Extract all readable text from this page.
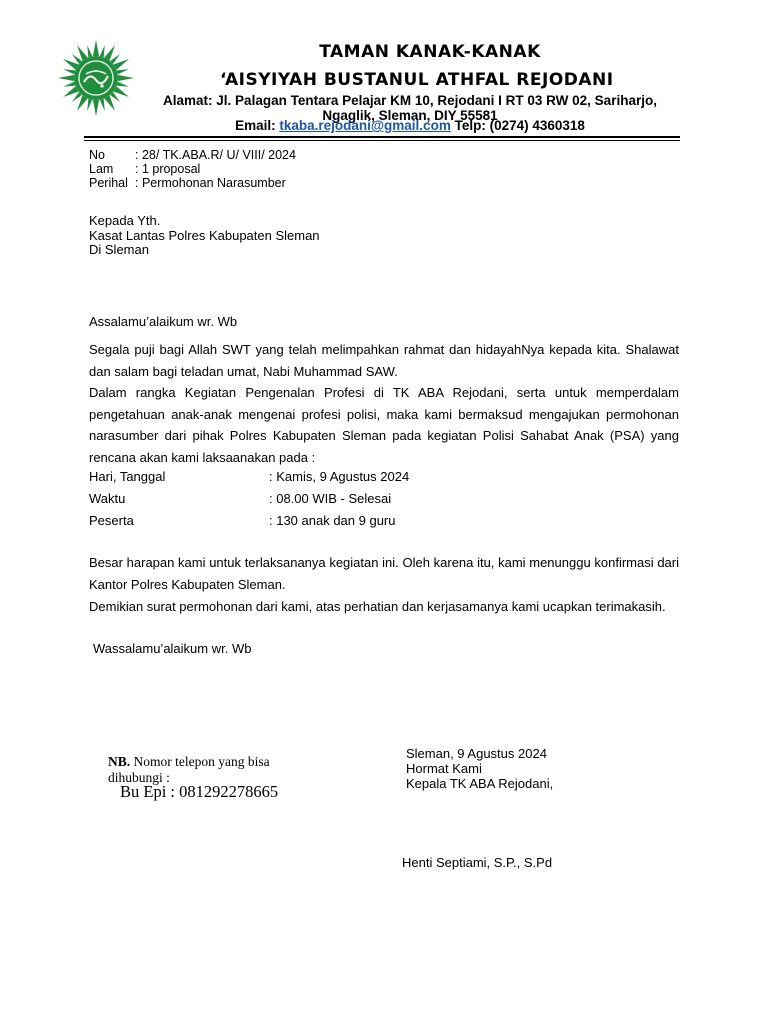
TAMAN KANAK-KANAK
‘AISYIYAH BUSTANUL ATHFAL REJODANI
Alamat: Jl. Palagan Tentara Pelajar KM 10, Rejodani I RT 03 RW 02, Sariharjo, Ngaglik, Sleman, DIY 55581
Email: tkaba.rejodani@gmail.com Telp: (0274) 4360318
No	: 28/ TK.ABA.R/ U/ VIII/ 2024
Lam	: 1 proposal
Perihal : Permohonan Narasumber
Kepada Yth.
Kasat Lantas Polres Kabupaten Sleman
Di Sleman
Assalamu’alaikum wr. Wb
Segala puji bagi Allah SWT yang telah melimpahkan rahmat dan hidayahNya kepada kita. Shalawat dan salam bagi teladan umat, Nabi Muhammad SAW.
Dalam rangka Kegiatan Pengenalan Profesi di TK ABA Rejodani, serta untuk memperdalam pengetahuan anak-anak mengenai profesi polisi, maka kami bermaksud mengajukan permohonan narasumber dari pihak Polres Kabupaten Sleman pada kegiatan Polisi Sahabat Anak (PSA) yang rencana akan kami laksaanakan pada :
Hari, Tanggal	: Kamis, 9 Agustus 2024
Waktu	: 08.00 WIB - Selesai
Peserta	: 130 anak dan 9 guru
Besar harapan kami untuk terlaksananya kegiatan ini. Oleh karena itu, kami menunggu konfirmasi dari Kantor Polres Kabupaten Sleman.
Demikian surat permohonan dari kami, atas perhatian dan kerjasamanya kami ucapkan terimakasih.
Wassalamu’alaikum wr. Wb
NB. Nomor telepon yang bisa dihubungi :
Bu Epi : 081292278665
Sleman, 9 Agustus 2024
Hormat Kami
Kepala TK ABA Rejodani,
Henti Septiami, S.P., S.Pd
